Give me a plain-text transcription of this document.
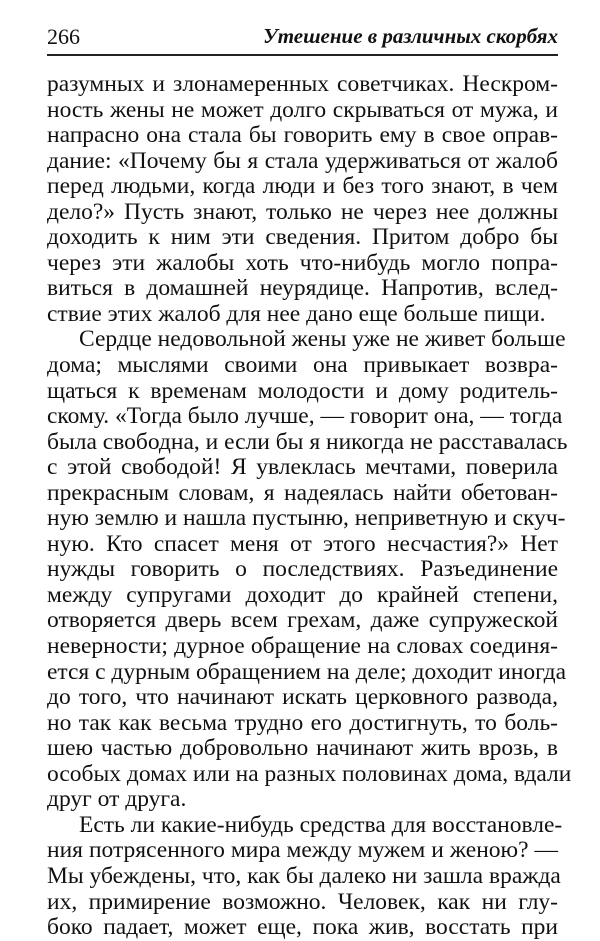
266	Утешение в различных скорбях
разумных и злонамеренных советчиках. Нескром-
ность жены не может долго скрываться от мужа, и
напрасно она стала бы говорить ему в свое оправ-
дание: «Почему бы я стала удерживаться от жалоб
перед людьми, когда люди и без того знают, в чем
дело?» Пусть знают, только не через нее должны
доходить к ним эти сведения. Притом добро бы
через эти жалобы хоть что-нибудь могло попра-
виться в домашней неурядице. Напротив, вслед-
ствие этих жалоб для нее дано еще больше пищи.
Сердце недовольной жены уже не живет больше
дома; мыслями своими она привыкает возвра-
щаться к временам молодости и дому родитель-
скому. «Тогда было лучше, — говорит она, — тогда
была свободна, и если бы я никогда не расставалась
с этой свободой! Я увлеклась мечтами, поверила
прекрасным словам, я надеялась найти обетован-
ную землю и нашла пустыню, неприветную и скуч-
ную. Кто спасет меня от этого несчастия?» Нет
нужды говорить о последствиях. Разъединение
между супругами доходит до крайней степени,
отворяется дверь всем грехам, даже супружеской
неверности; дурное обращение на словах соединя-
ется с дурным обращением на деле; доходит иногда
до того, что начинают искать церковного развода,
но так как весьма трудно его достигнуть, то боль-
шею частью добровольно начинают жить врозь, в
особых домах или на разных половинах дома, вдали
друг от друга.
Есть ли какие-нибудь средства для восстановле-
ния потрясенного мира между мужем и женою? —
Мы убеждены, что, как бы далеко ни зашла вражда
их, примирение возможно. Человек, как ни глу-
боко падает, может еще, пока жив, восстать при
